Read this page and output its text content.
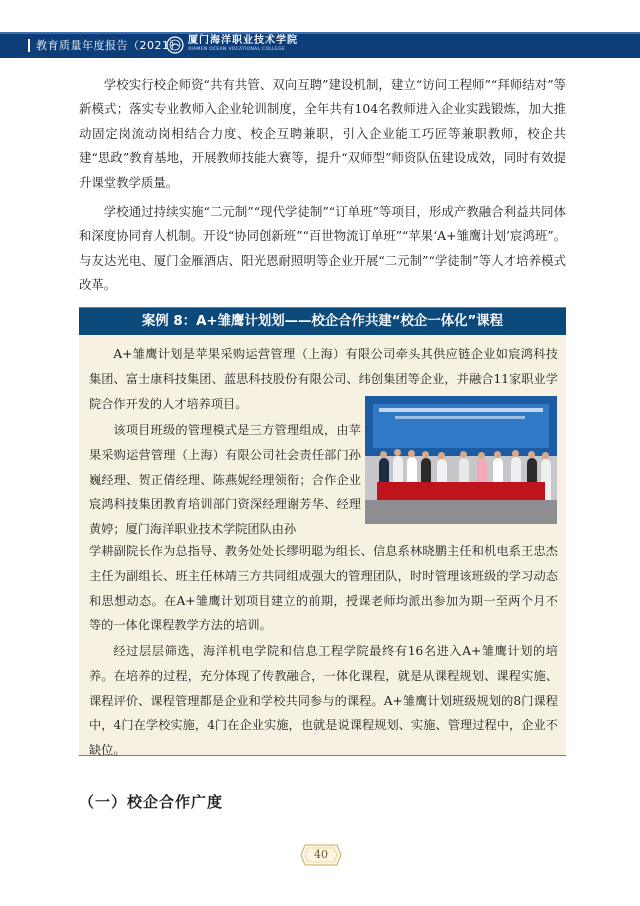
教育质量年度报告（2021） 厦门海洋职业技术学院
XIAMEN OCEAN VOCATIONAL COLLEGE

学校实行校企师资“共有共管、双向互聘”建设机制，建立“访问工程师”“拜师结对”等新模式；落实专业教师入企业轮训制度，全年共有104名教师进入企业实践锻炼，加大推动固定岗流动岗相结合力度、校企互聘兼职，引入企业能工巧匠等兼职教师，校企共建“思政”教育基地，开展教师技能大赛等，提升“双师型”师资队伍建设成效，同时有效提升课堂教学质量。

学校通过持续实施“二元制”“现代学徒制”“订单班”等项目，形成产教融合利益共同体和深度协同育人机制。开设“协同创新班”“百世物流订单班”“苹果‘A+雏鹰计划’宸鸿班”。与友达光电、厦门金雁酒店、阳光恩耐照明等企业开展“二元制”“学徒制”等人才培养模式改革。

案例 8：A+雏鹰计划划——校企合作共建“校企一体化”课程

A+雏鹰计划是苹果采购运营管理（上海）有限公司牵头其供应链企业如宸鸿科技集团、富士康科技集团、蓝思科技股份有限公司、纬创集团等企业，并融合11家职业学院合作开发的人才培养项目。

该项目班级的管理模式是三方管理组成，由苹果采购运营管理（上海）有限公司社会责任部门孙巍经理、贺正倩经理、陈燕妮经理领衔；合作企业宸鸿科技集团教育培训部门资深经理谢芳华、经理黄婷；厦门海洋职业技术学院团队由孙

学耕副院长作为总指导、教务处处长缪明聪为组长、信息系林晓鹏主任和机电系王忠杰主任为副组长、班主任林靖三方共同组成强大的管理团队，时时管理该班级的学习动态和思想动态。在A+雏鹰计划项目建立的前期，授课老师均派出参加为期一至两个月不等的一体化课程教学方法的培训。

经过层层筛选，海洋机电学院和信息工程学院最终有16名进入A+雏鹰计划的培养。在培养的过程，充分体现了传教融合，一体化课程，就是从课程规划、课程实施、课程评价、课程管理都是企业和学校共同参与的课程。A+雏鹰计划班级规划的8门课程中，4门在学校实施，4门在企业实施，也就是说课程规划、实施、管理过程中，企业不缺位。

（一）校企合作广度
40
